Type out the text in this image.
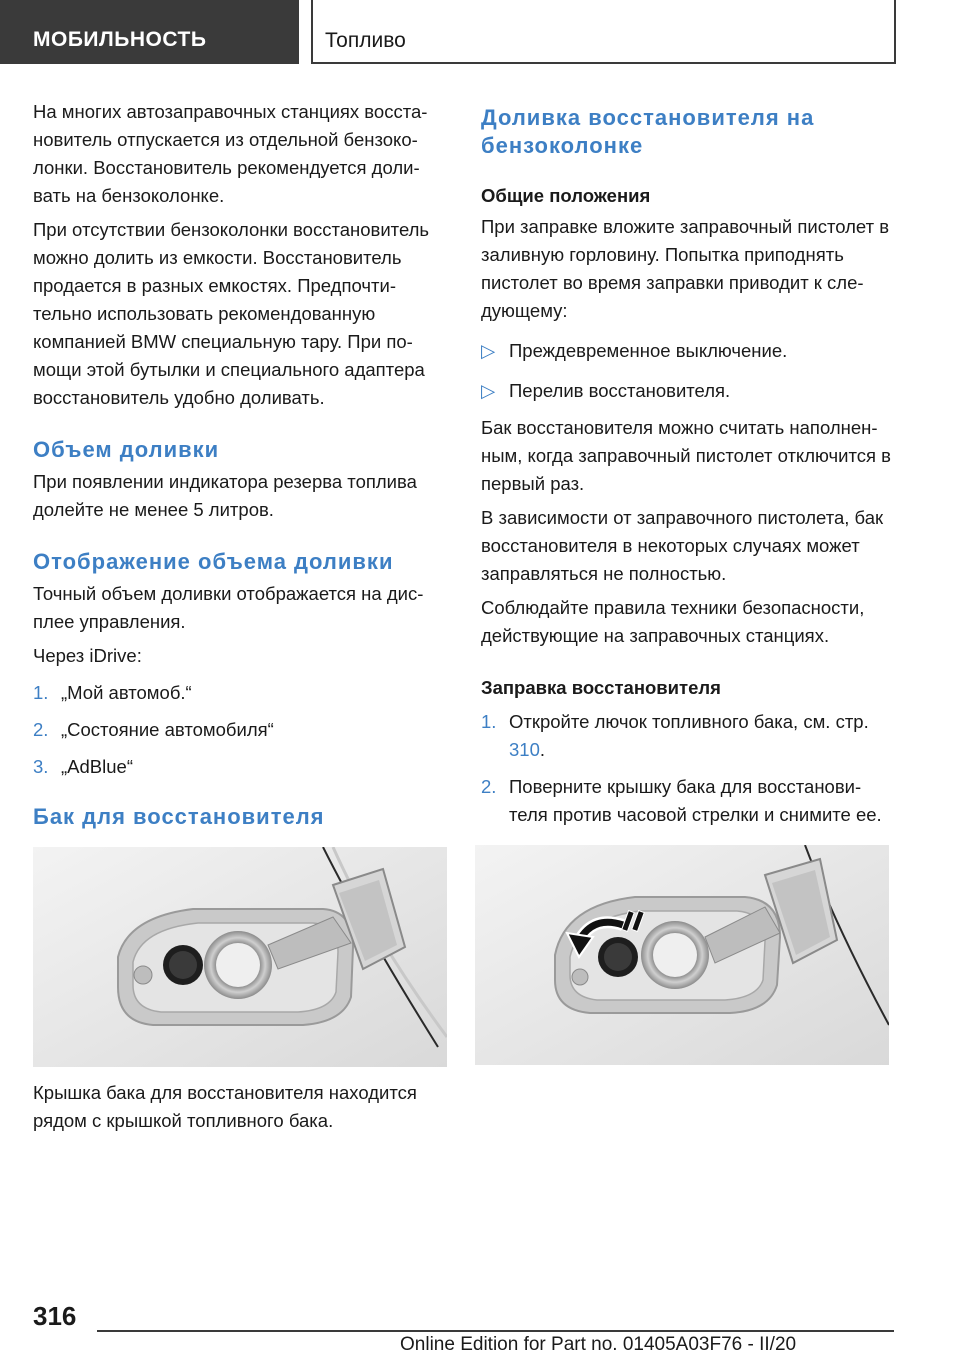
МОБИЛЬНОСТЬ	Топливо

На многих автозаправочных станциях восста-новитель отпускается из отдельной бензоко-лонки. Восстановитель рекомендуется доли-вать на бензоколонке.

При отсутствии бензоколонки восстановитель можно долить из емкости. Восстановитель продается в разных емкостях. Предпочти-тельно использовать рекомендованную компанией BMW специальную тару. При по-мощи этой бутылки и специального адаптера восстановитель удобно доливать.

Объем доливки

При появлении индикатора резерва топлива долейте не менее 5 литров.

Отображение объема доливки

Точный объем доливки отображается на дис-плее управления.

Через iDrive:

1. „Мой автомоб.“
2. „Состояние автомобиля“
3. „AdBlue“
Бак для восстановителя

Крышка бака для восстановителя находится рядом с крышкой топливного бака.

Доливка восстановителя на бензоколонке
Общие положения

При заправке вложите заправочный пистолет в заливную горловину. Попытка приподнять пистолет во время заправки приводит к сле-дующему:

▷ Преждевременное выключение.
▷ Перелив восстановителя.

Бак восстановителя можно считать наполнен-ным, когда заправочный пистолет отключится в первый раз.

В зависимости от заправочного пистолета, бак восстановителя в некоторых случаях может заправляться не полностью.

Соблюдайте правила техники безопасности, действующие на заправочных станциях.

Заправка восстановителя
1. Откройте лючок топливного бака, см. стр. 310.
2. Поверните крышку бака для восстанови-теля против часовой стрелки и снимите ее.
316
Online Edition for Part no. 01405A03F76 - II/20
